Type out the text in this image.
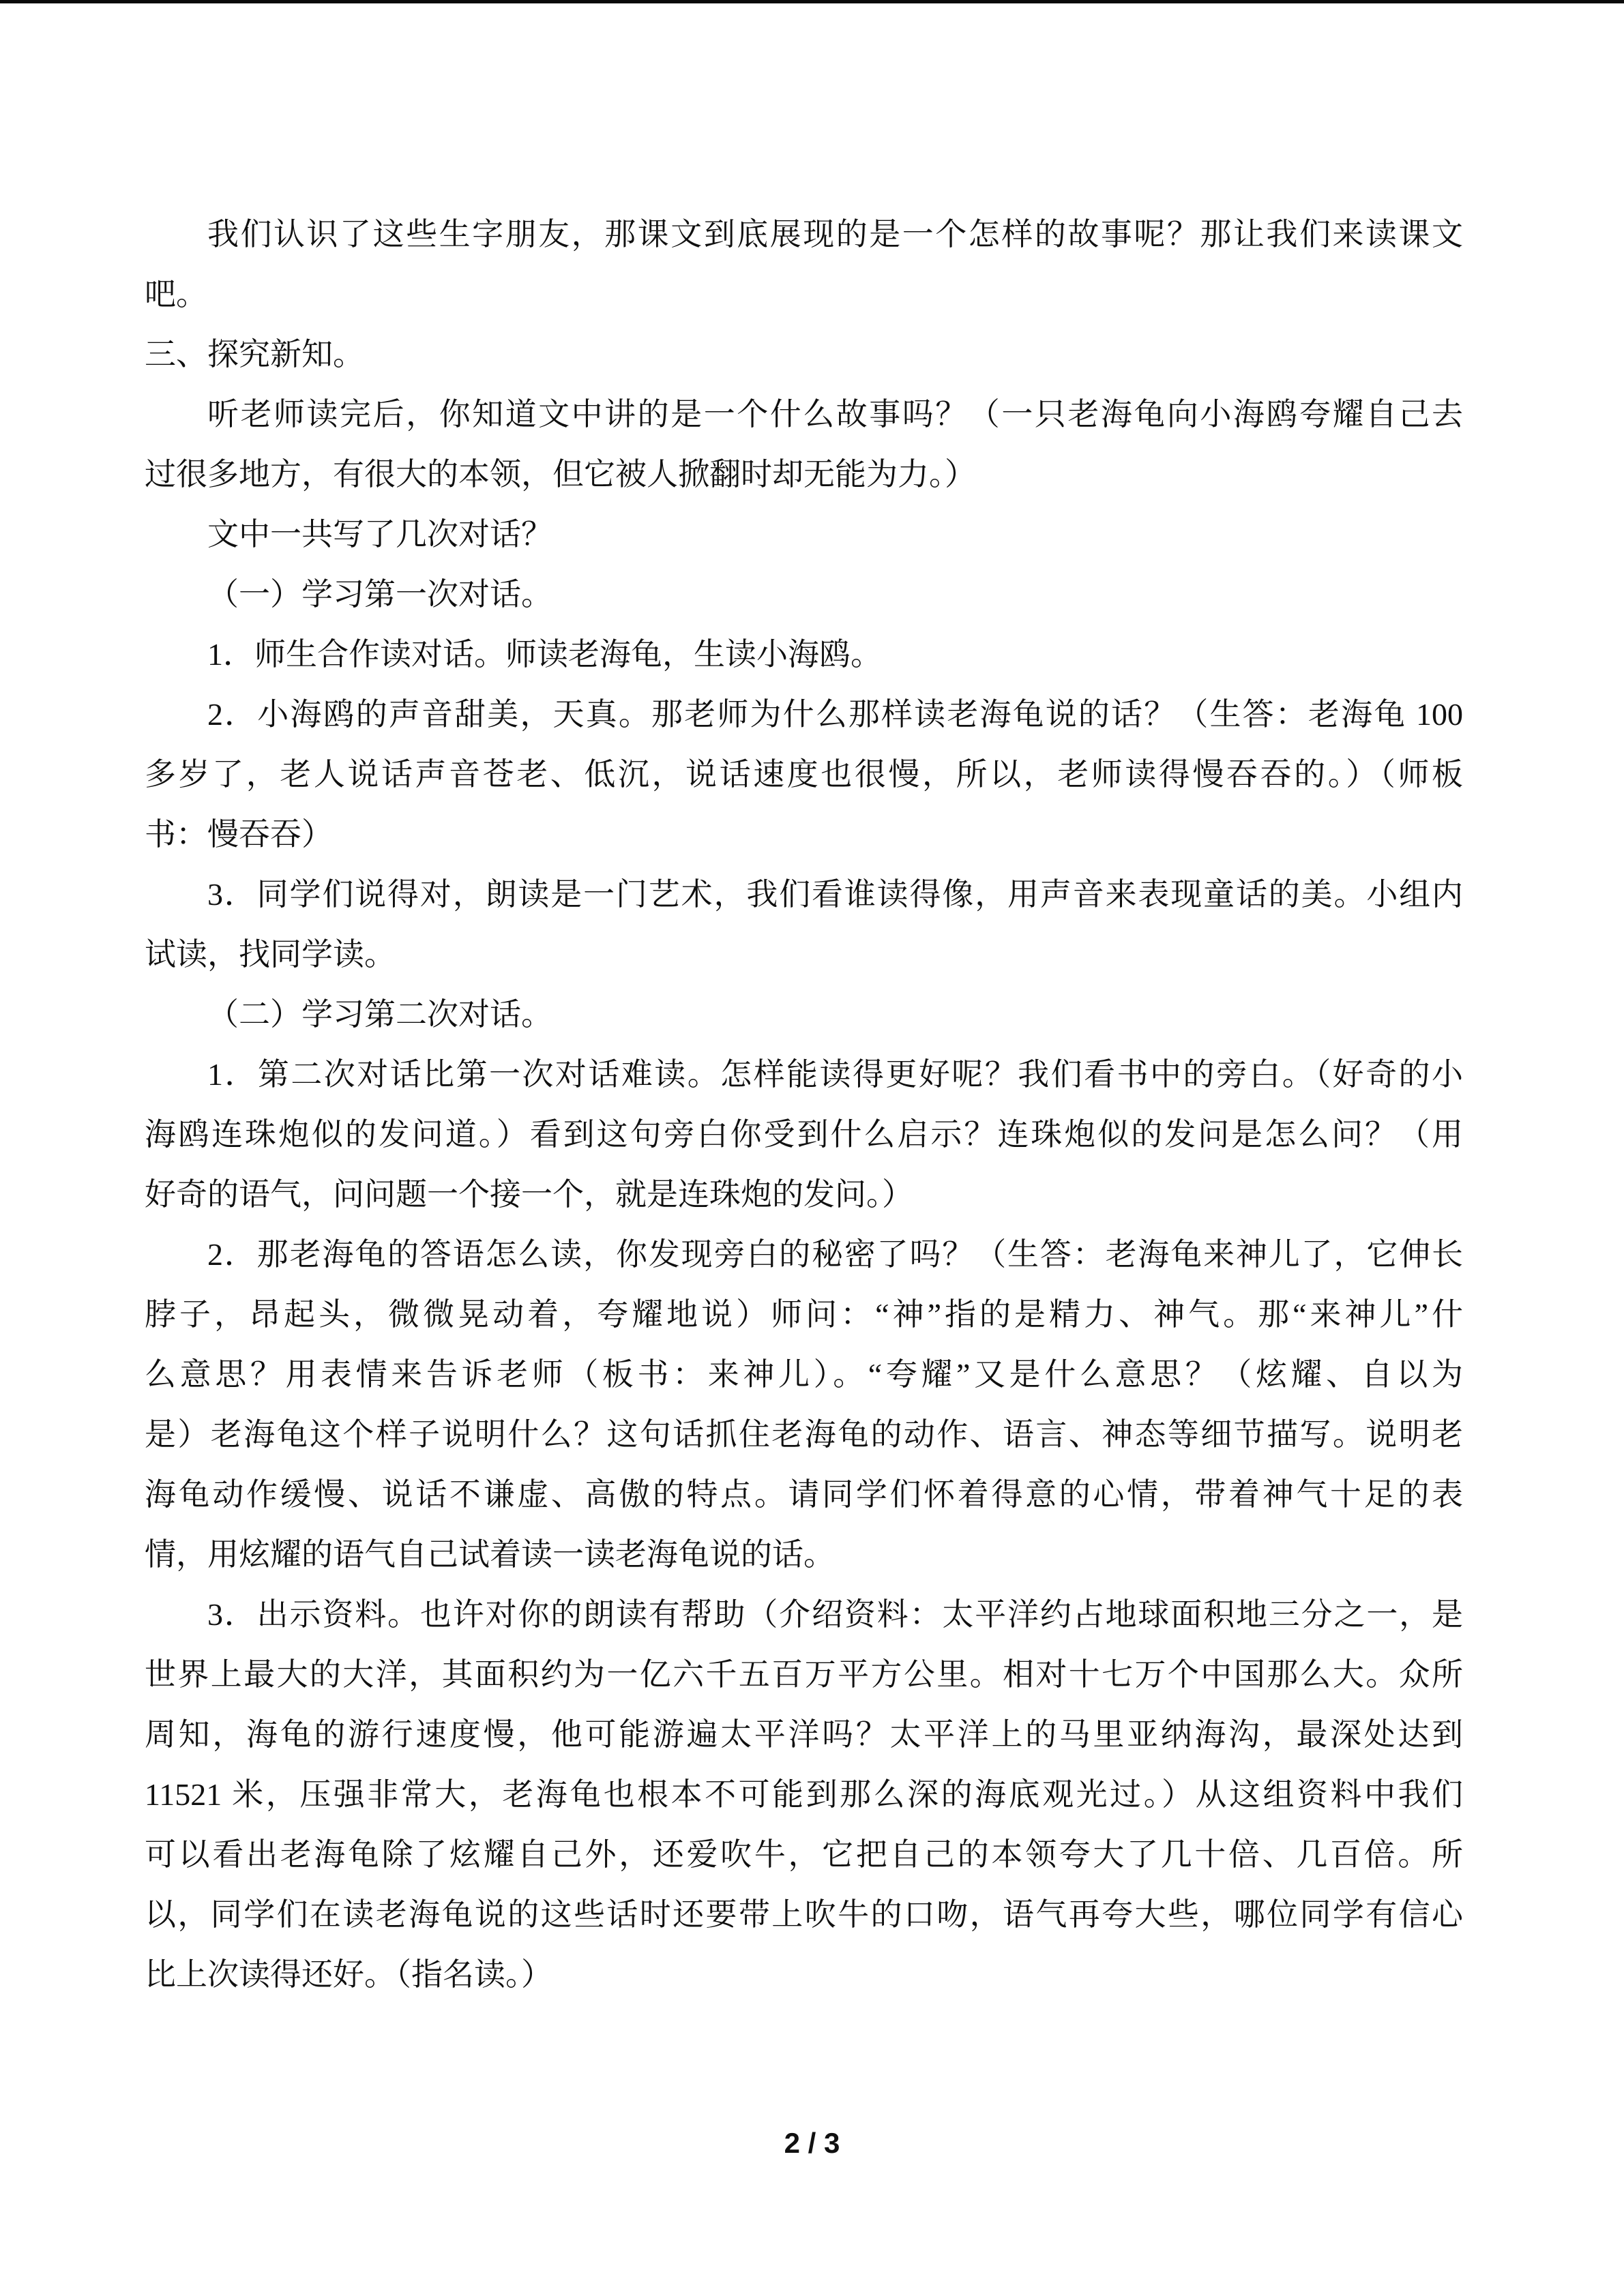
我们认识了这些生字朋友，那课文到底展现的是一个怎样的故事呢？那让我们来读课文
吧。
三、探究新知。
听老师读完后，你知道文中讲的是一个什么故事吗？（一只老海龟向小海鸥夸耀自己去
过很多地方，有很大的本领，但它被人掀翻时却无能为力。）
文中一共写了几次对话？
（一）学习第一次对话。
1．师生合作读对话。师读老海龟，生读小海鸥。
2．小海鸥的声音甜美，天真。那老师为什么那样读老海龟说的话？（生答：老海龟 100
多岁了，老人说话声音苍老、低沉，说话速度也很慢，所以，老师读得慢吞吞的。）（师板
书：慢吞吞）
3．同学们说得对，朗读是一门艺术，我们看谁读得像，用声音来表现童话的美。小组内
试读，找同学读。
（二）学习第二次对话。
1．第二次对话比第一次对话难读。怎样能读得更好呢？我们看书中的旁白。（好奇的小
海鸥连珠炮似的发问道。）看到这句旁白你受到什么启示？连珠炮似的发问是怎么问？（用
好奇的语气，问问题一个接一个，就是连珠炮的发问。）
2．那老海龟的答语怎么读，你发现旁白的秘密了吗？（生答：老海龟来神儿了，它伸长
脖子，昂起头，微微晃动着，夸耀地说）师问：“神”指的是精力、神气。那“来神儿”什
么意思？用表情来告诉老师（板书：来神儿）。“夸耀”又是什么意思？（炫耀、自以为
是）老海龟这个样子说明什么？这句话抓住老海龟的动作、语言、神态等细节描写。说明老
海龟动作缓慢、说话不谦虚、高傲的特点。请同学们怀着得意的心情，带着神气十足的表
情，用炫耀的语气自己试着读一读老海龟说的话。
3．出示资料。也许对你的朗读有帮助（介绍资料：太平洋约占地球面积地三分之一，是
世界上最大的大洋，其面积约为一亿六千五百万平方公里。相对十七万个中国那么大。众所
周知，海龟的游行速度慢，他可能游遍太平洋吗？太平洋上的马里亚纳海沟，最深处达到
11521 米，压强非常大，老海龟也根本不可能到那么深的海底观光过。）从这组资料中我们
可以看出老海龟除了炫耀自己外，还爱吹牛，它把自己的本领夸大了几十倍、几百倍。所
以，同学们在读老海龟说的这些话时还要带上吹牛的口吻，语气再夸大些，哪位同学有信心
比上次读得还好。（指名读。）
2 / 3
